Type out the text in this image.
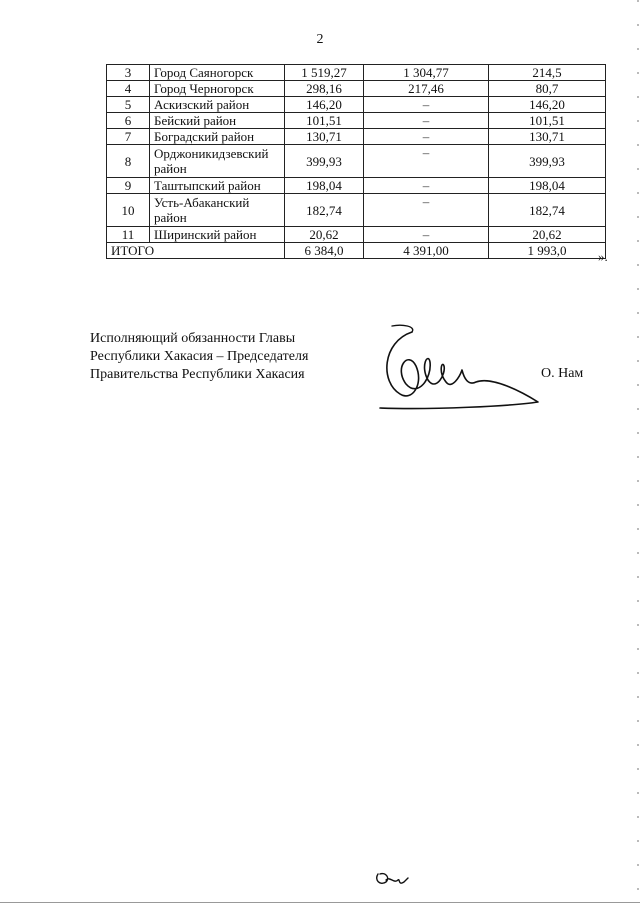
2
3	Город Саяногорск	1 519,27	1 304,77	214,5
4	Город Черногорск	298,16	217,46	80,7
5	Аскизский район	146,20	–	146,20
6	Бейский район	101,51	–	101,51
7	Боградский район	130,71	–	130,71
8	Орджоникидзевский район	399,93	–	399,93
9	Таштыпский район	198,04	–	198,04
10	Усть-Абаканский район	182,74	–	182,74
11	Ширинский район	20,62	–	20,62
ИТОГО		6 384,0	4 391,00	1 993,0 ».
Исполняющий обязанности Главы
Республики Хакасия – Председателя
Правительства Республики Хакасия	О. Нам
